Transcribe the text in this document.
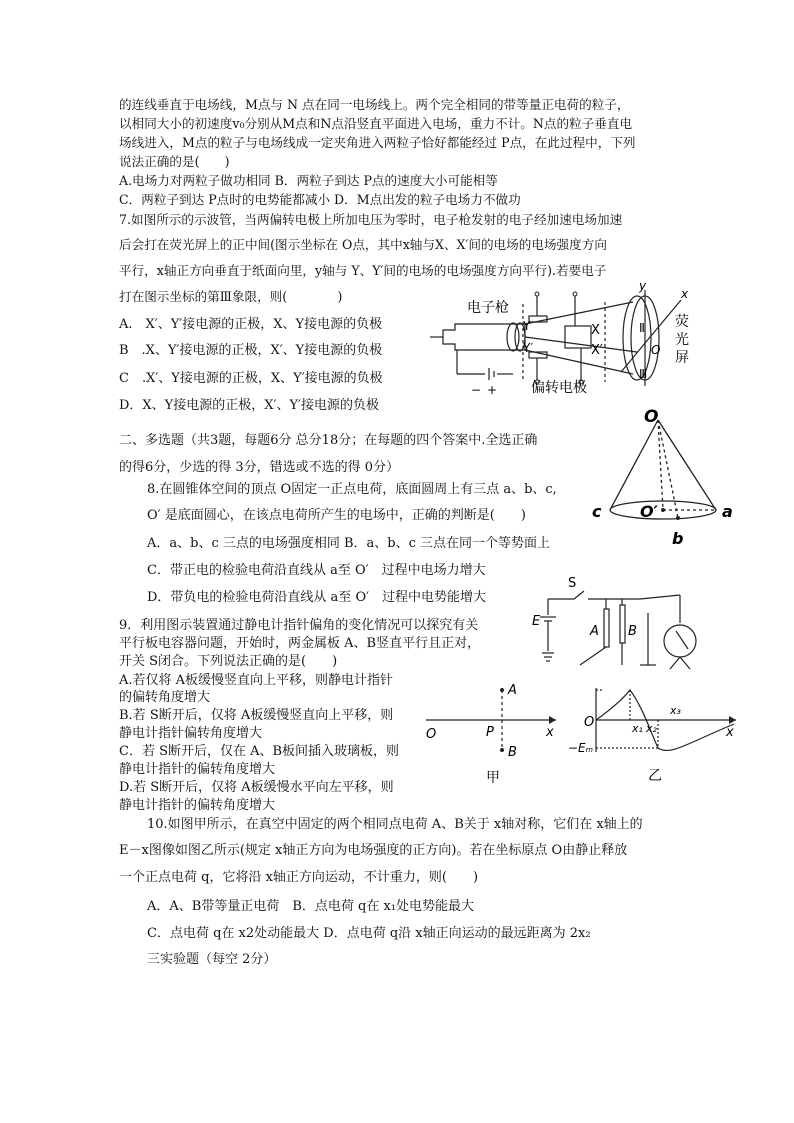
的连线垂直于电场线，M点与 N 点在同一电场线上。两个完全相同的带等量正电荷的粒子，
以相同大小的初速度v₀分别从M点和N点沿竖直平面进入电场，重力不计。N点的粒子垂直电
场线进入，M点的粒子与电场线成一定夹角进入两粒子恰好都能经过 P点，在此过程中，下列
说法正确的是(　　)
A.电场力对两粒子做功相同 B．两粒子到达 P点的速度大小可能相等
C．两粒子到达 P点时的电势能都减小 D．M点出发的粒子电场力不做功
7.如图所示的示波管，当两偏转电极上所加电压为零时，电子枪发射的电子经加速电场加速
后会打在荧光屏上的正中间(图示坐标在 O点，其中x轴与X、X′间的电场的电场强度方向
平行，x轴正方向垂直于纸面向里，y轴与 Y、Y′间的电场的电场强度方向平行).若要电子
打在图示坐标的第Ⅲ象限，则(　　　　)
A.　X′、Y′接电源的正极，X、Y接电源的负极
B　.X、Y′接电源的正极，X′、Y接电源的负极
C　.X′、Y接电源的正极，X、Y′接电源的负极
D．X、Y接电源的正极，X′、Y′接电源的负极
电子枪
偏转电极
荧
光
屏
y
x
X
X′
Y
Y′	O
Ⅱ
Ⅲ
− +
二、多选题（共3题，每题6分 总分18分；在每题的四个答案中.全选正确
的得6分，少选的得 3分，错选或不选的得 0分）
8.在圆锥体空间的顶点 O固定一正点电荷，底面圆周上有三点 a、b、c,
O′ 是底面圆心，在该点电荷所产生的电场中，正确的判断是(　　)
A．a、b、c 三点的电场强度相同 B．a、b、c 三点在同一个等势面上
C．带正电的检验电荷沿直线从 a至 O′　过程中电场力增大
D．带负电的检验电荷沿直线从 a至 O′　过程中电势能增大
O
O′	a
c
b
9．利用图示装置通过静电计指针偏角的变化情况可以探究有关
平行板电容器问题，开始时，两金属板 A、B竖直平行且正对，
开关 S闭合。下列说法正确的是(　　)
A.若仅将 A板缓慢竖直向上平移，则静电计指针
的偏转角度增大
B.若 S断开后，仅将 A板缓慢竖直向上平移，则
静电计指针偏转角度增大
C．若 S断开后，仅在 A、B板间插入玻璃板，则
静电计指针的偏转角度增大
D.若 S断开后，仅将 A板缓慢水平向左平移，则
静电计指针的偏转角度增大
S
E
A B
A
B
O	P	x
甲
O
x
x₁ x₂
x₃
−Eₘ
乙
10.如图甲所示，在真空中固定的两个相同点电荷 A、B关于 x轴对称，它们在 x轴上的
E－x图像如图乙所示(规定 x轴正方向为电场强度的正方向)。若在坐标原点 O由静止释放
一个正点电荷 q，它将沿 x轴正方向运动，不计重力，则(　　)
A．A、B带等量正电荷　B．点电荷 q在 x₁处电势能最大
C．点电荷 q在 x2处动能最大 D．点电荷 q沿 x轴正向运动的最远距离为 2x₂
三实验题（每空 2分）
